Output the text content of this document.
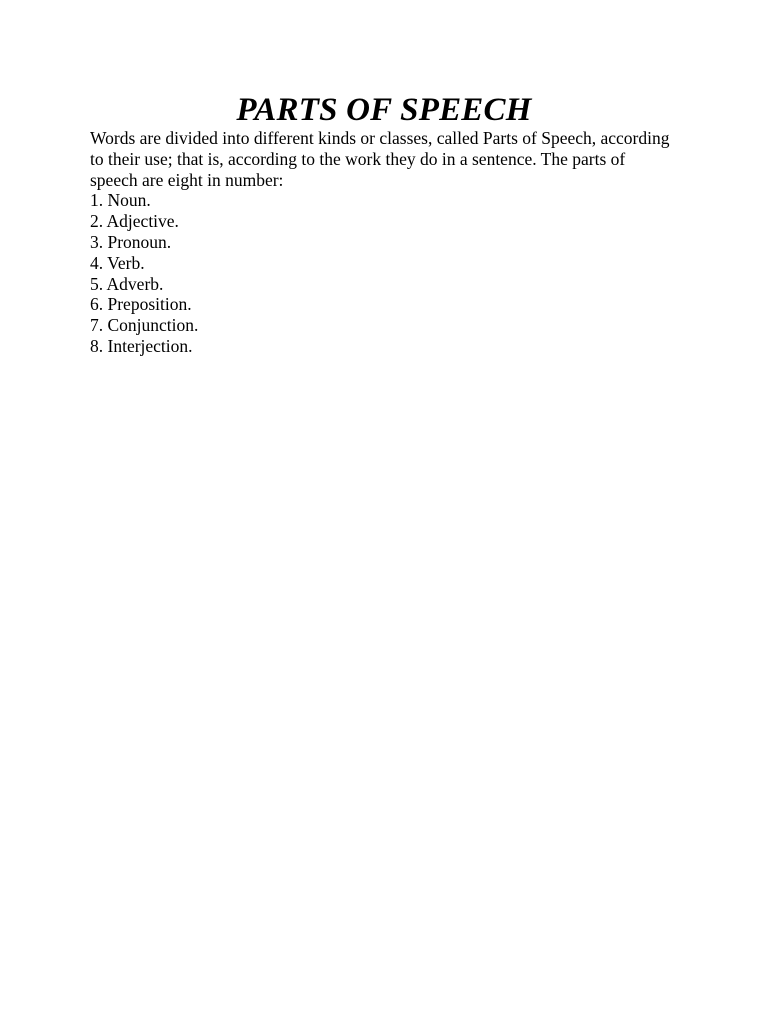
PARTS OF SPEECH

Words are divided into different kinds or classes, called Parts of Speech, according
to their use; that is, according to the work they do in a sentence. The parts of
speech are eight in number:

1. Noun.
2. Adjective.
3. Pronoun.
4. Verb.
5. Adverb.
6. Preposition.
7. Conjunction.
8. Interjection.
